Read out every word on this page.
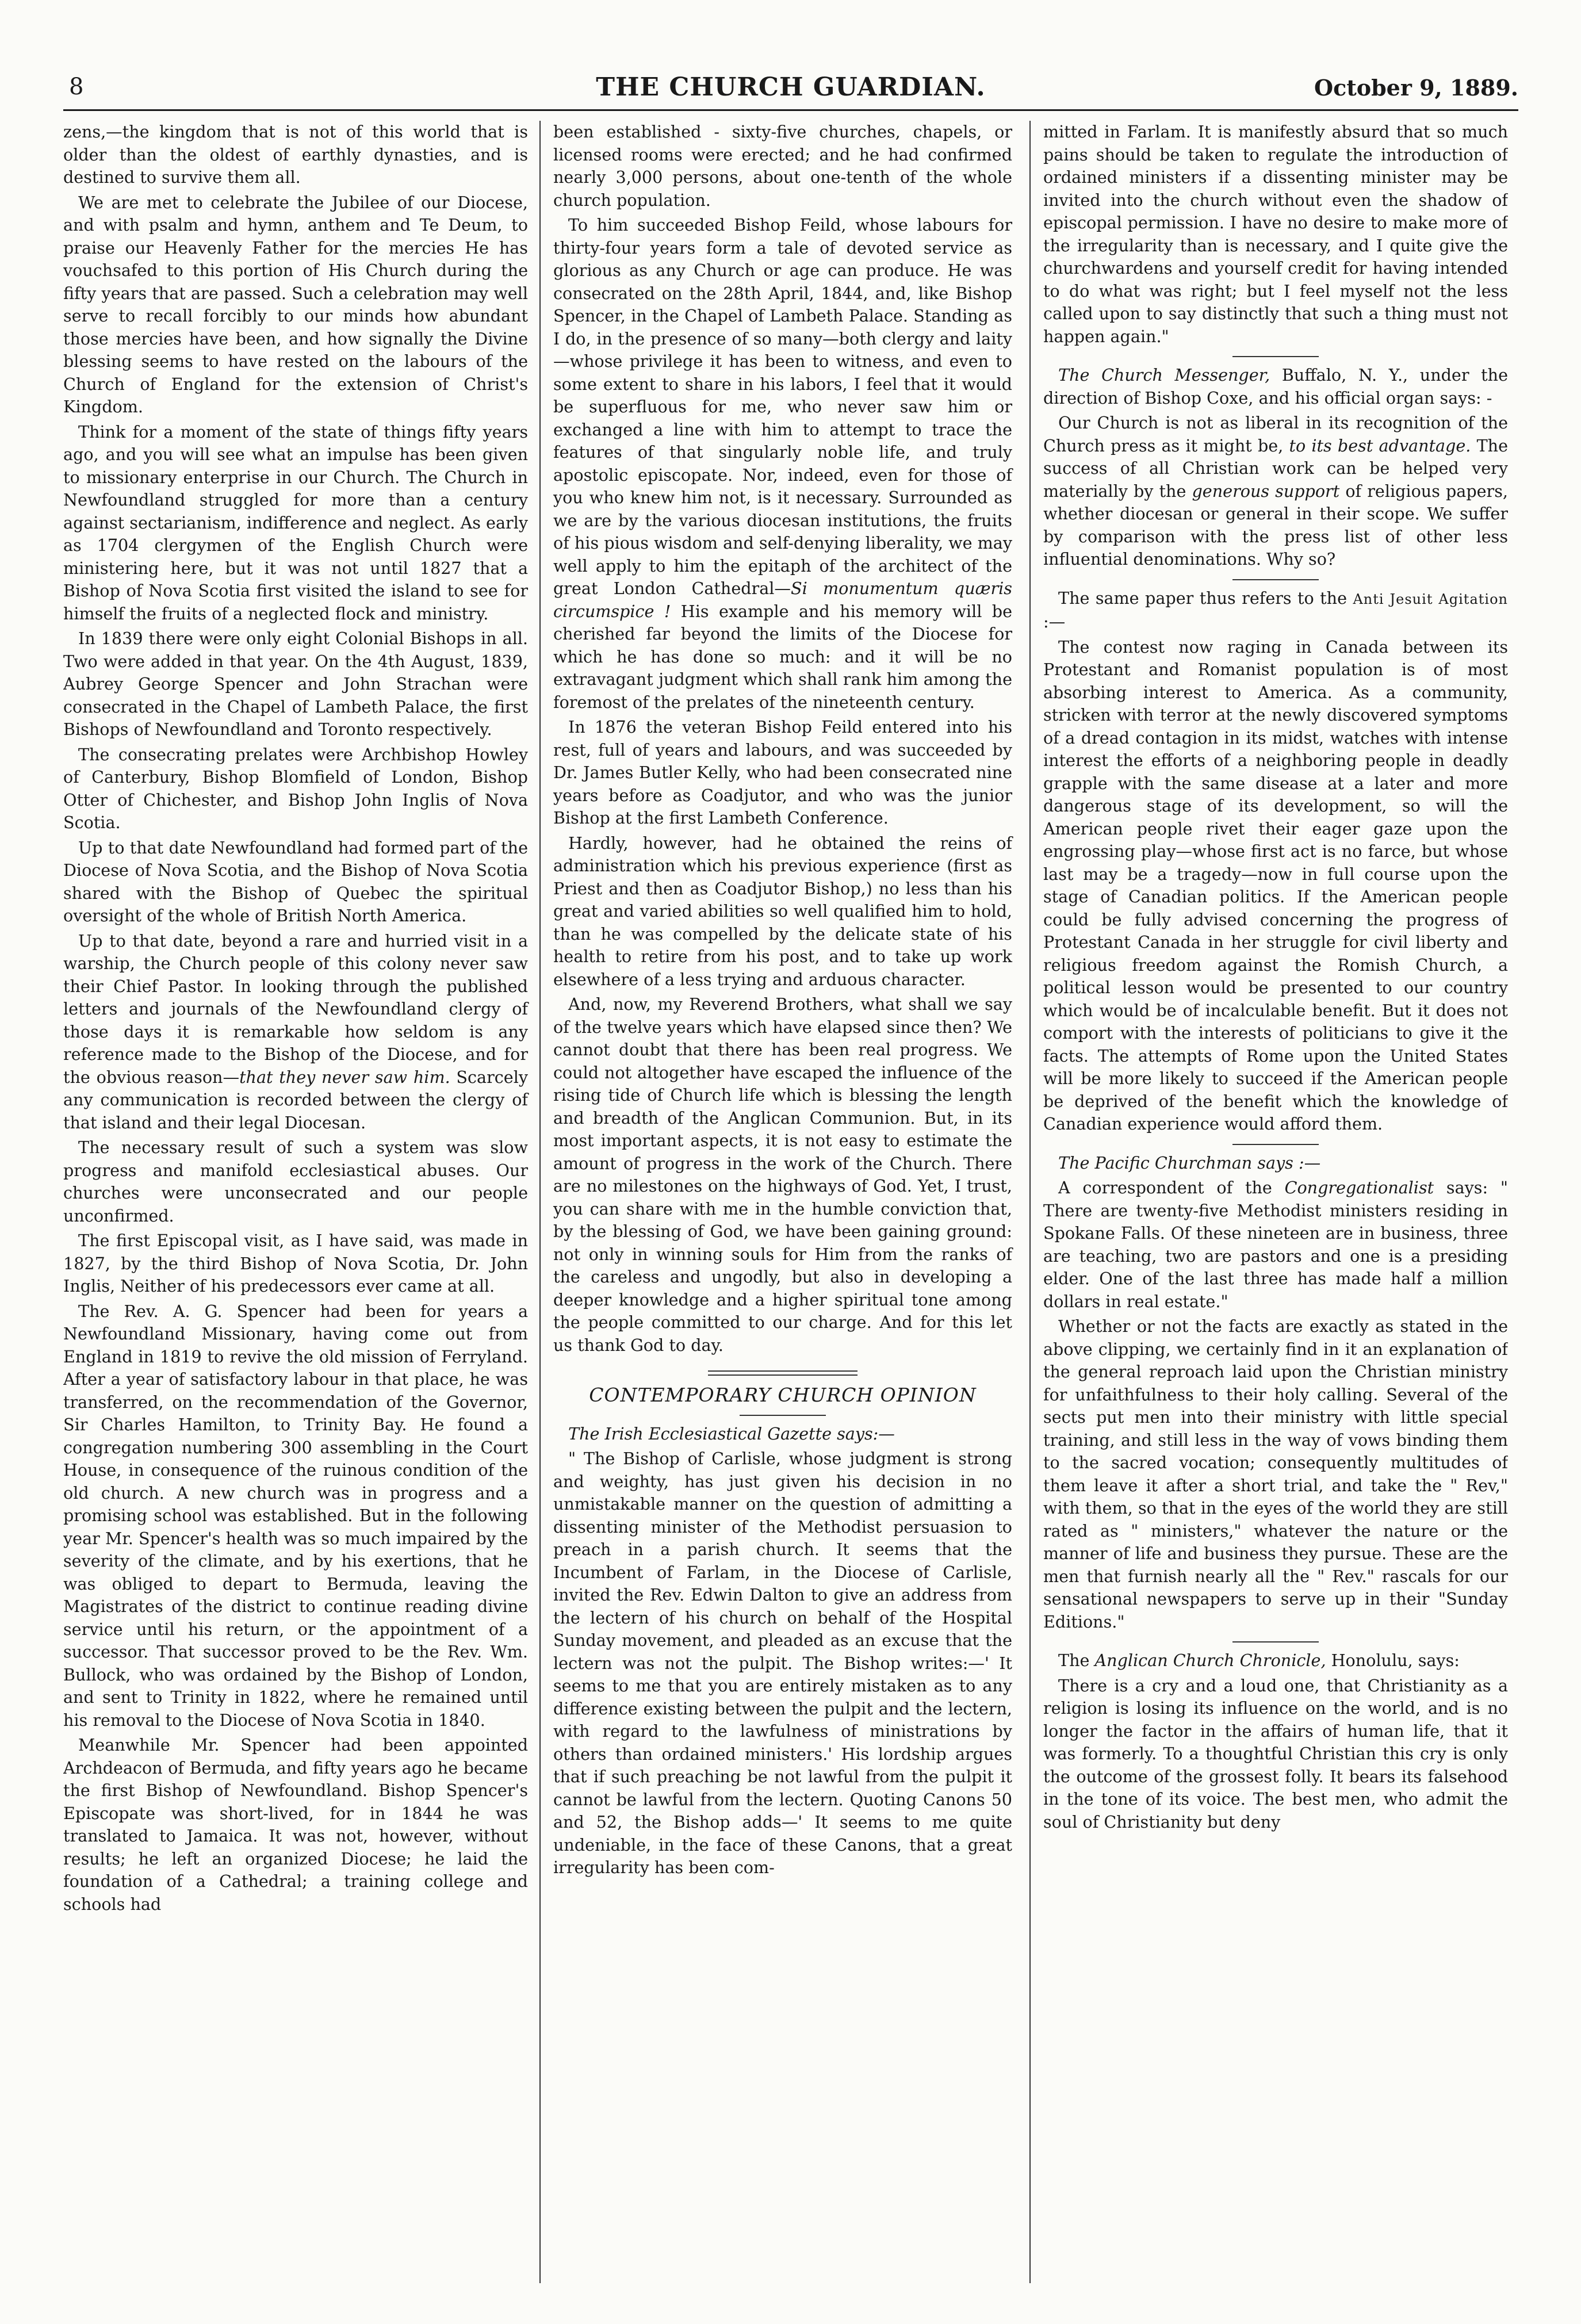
8	THE CHURCH GUARDIAN.	October 9, 1889.

zens,—the kingdom that is not of this world that is older than the oldest of earthly dynasties, and is destined to survive them all.

We are met to celebrate the Jubilee of our Diocese, and with psalm and hymn, anthem and Te Deum, to praise our Heavenly Father for the mercies He has vouchsafed to this portion of His Church during the fifty years that are passed. Such a celebration may well serve to recall forcibly to our minds how abundant those mercies have been, and how signally the Divine blessing seems to have rested on the labours of the Church of England for the extension of Christ's Kingdom.

Think for a moment of the state of things fifty years ago, and you will see what an impulse has been given to missionary enterprise in our Church. The Church in Newfoundland struggled for more than a century against sectarianism, indifference and neglect. As early as 1704 clergymen of the English Church were ministering here, but it was not until 1827 that a Bishop of Nova Scotia first visited the island to see for himself the fruits of a neglected flock and ministry.

In 1839 there were only eight Colonial Bishops in all. Two were added in that year. On the 4th August, 1839, Aubrey George Spencer and John Strachan were consecrated in the Chapel of Lambeth Palace, the first Bishops of Newfoundland and Toronto respectively.

The consecrating prelates were Archbishop Howley of Canterbury, Bishop Blomfield of London, Bishop Otter of Chichester, and Bishop John Inglis of Nova Scotia.

Up to that date Newfoundland had formed part of the Diocese of Nova Scotia, and the Bishop of Nova Scotia shared with the Bishop of Quebec the spiritual oversight of the whole of British North America.

Up to that date, beyond a rare and hurried visit in a warship, the Church people of this colony never saw their Chief Pastor. In looking through the published letters and journals of the Newfoundland clergy of those days it is remarkable how seldom is any reference made to the Bishop of the Diocese, and for the obvious reason—that they never saw him. Scarcely any communication is recorded between the clergy of that island and their legal Diocesan.

The necessary result of such a system was slow progress and manifold ecclesiastical abuses. Our churches were unconsecrated and our people unconfirmed.

The first Episcopal visit, as I have said, was made in 1827, by the third Bishop of Nova Scotia, Dr. John Inglis, Neither of his predecessors ever came at all.

The Rev. A. G. Spencer had been for years a Newfoundland Missionary, having come out from England in 1819 to revive the old mission of Ferryland. After a year of satisfactory labour in that place, he was transferred, on the recommendation of the Governor, Sir Charles Hamilton, to Trinity Bay. He found a congregation numbering 300 assembling in the Court House, in consequence of the ruinous condition of the old church. A new church was in progress and a promising school was established. But in the following year Mr. Spencer's health was so much impaired by the severity of the climate, and by his exertions, that he was obliged to depart to Bermuda, leaving the Magistrates of the district to continue reading divine service until his return, or the appointment of a successor. That successor proved to be the Rev. Wm. Bullock, who was ordained by the Bishop of London, and sent to Trinity in 1822, where he remained until his removal to the Diocese of Nova Scotia in 1840.

Meanwhile Mr. Spencer had been appointed Archdeacon of Bermuda, and fifty years ago he became the first Bishop of Newfoundland. Bishop Spencer's Episcopate was short-lived, for in 1844 he was translated to Jamaica. It was not, however, without results; he left an organized Diocese; he laid the foundation of a Cathedral; a training college and schools had

been established - sixty-five churches, chapels, or licensed rooms were erected; and he had confirmed nearly 3,000 persons, about one-tenth of the whole church population.

To him succeeded Bishop Feild, whose labours for thirty-four years form a tale of devoted service as glorious as any Church or age can produce. He was consecrated on the 28th April, 1844, and, like Bishop Spencer, in the Chapel of Lambeth Palace. Standing as I do, in the presence of so many—both clergy and laity—whose privilege it has been to witness, and even to some extent to share in his labors, I feel that it would be superfluous for me, who never saw him or exchanged a line with him to attempt to trace the features of that singularly noble life, and truly apostolic episcopate. Nor, indeed, even for those of you who knew him not, is it necessary. Surrounded as we are by the various diocesan institutions, the fruits of his pious wisdom and self-denying liberality, we may well apply to him the epitaph of the architect of the great London Cathedral—Si monumentum quæris circumspice ! His example and his memory will be cherished far beyond the limits of the Diocese for which he has done so much: and it will be no extravagant judgment which shall rank him among the foremost of the prelates of the nineteenth century.

In 1876 the veteran Bishop Feild entered into his rest, full of years and labours, and was succeeded by Dr. James Butler Kelly, who had been consecrated nine years before as Coadjutor, and who was the junior Bishop at the first Lambeth Conference.

Hardly, however, had he obtained the reins of administration which his previous experience (first as Priest and then as Coadjutor Bishop,) no less than his great and varied abilities so well qualified him to hold, than he was compelled by the delicate state of his health to retire from his post, and to take up work elsewhere of a less trying and arduous character.

And, now, my Reverend Brothers, what shall we say of the twelve years which have elapsed since then? We cannot doubt that there has been real progress. We could not altogether have escaped the influence of the rising tide of Church life which is blessing the length and breadth of the Anglican Communion. But, in its most important aspects, it is not easy to estimate the amount of progress in the work of the Church. There are no milestones on the highways of God. Yet, I trust, you can share with me in the humble conviction that, by the blessing of God, we have been gaining ground: not only in winning souls for Him from the ranks of the careless and ungodly, but also in developing a deeper knowledge and a higher spiritual tone among the people committed to our charge. And for this let us thank God to day.

CONTEMPORARY CHURCH OPINION

The Irish Ecclesiastical Gazette says:—

" The Bishop of Carlisle, whose judgment is strong and weighty, has just given his decision in no unmistakable manner on the question of admitting a dissenting minister of the Methodist persuasion to preach in a parish church. It seems that the Incumbent of Farlam, in the Diocese of Carlisle, invited the Rev. Edwin Dalton to give an address from the lectern of his church on behalf of the Hospital Sunday movement, and pleaded as an excuse that the lectern was not the pulpit. The Bishop writes:—' It seems to me that you are entirely mistaken as to any difference existing between the pulpit and the lectern, with regard to the lawfulness of ministrations by others than ordained ministers.' His lordship argues that if such preaching be not lawful from the pulpit it cannot be lawful from the lectern. Quoting Canons 50 and 52, the Bishop adds—' It seems to me quite undeniable, in the face of these Canons, that a great irregularity has been com-

mitted in Farlam. It is manifestly absurd that so much pains should be taken to regulate the introduction of ordained ministers if a dissenting minister may be invited into the church without even the shadow of episcopal permission. I have no desire to make more of the irregularity than is necessary, and I quite give the churchwardens and yourself credit for having intended to do what was right; but I feel myself not the less called upon to say distinctly that such a thing must not happen again."

The Church Messenger, Buffalo, N. Y., under the direction of Bishop Coxe, and his official organ says: -

Our Church is not as liberal in its recognition of the Church press as it might be, to its best advantage. The success of all Christian work can be helped very materially by the generous support of religious papers, whether diocesan or general in their scope. We suffer by comparison with the press list of other less influential denominations. Why so?

The same paper thus refers to the Anti Jesuit Agitation :—

The contest now raging in Canada between its Protestant and Romanist population is of most absorbing interest to America. As a community, stricken with terror at the newly discovered symptoms of a dread contagion in its midst, watches with intense interest the efforts of a neighboring people in deadly grapple with the same disease at a later and more dangerous stage of its development, so will the American people rivet their eager gaze upon the engrossing play—whose first act is no farce, but whose last may be a tragedy—now in full course upon the stage of Canadian politics. If the American people could be fully advised concerning the progress of Protestant Canada in her struggle for civil liberty and religious freedom against the Romish Church, a political lesson would be presented to our country which would be of incalculable benefit. But it does not comport with the interests of politicians to give it the facts. The attempts of Rome upon the United States will be more likely to succeed if the American people be deprived of the benefit which the knowledge of Canadian experience would afford them.

The Pacific Churchman says :—

A correspondent of the Congregationalist says: " There are twenty-five Methodist ministers residing in Spokane Falls. Of these nineteen are in business, three are teaching, two are pastors and one is a presiding elder. One of the last three has made half a million dollars in real estate."

Whether or not the facts are exactly as stated in the above clipping, we certainly find in it an explanation of the general reproach laid upon the Christian ministry for unfaithfulness to their holy calling. Several of the sects put men into their ministry with little special training, and still less in the way of vows binding them to the sacred vocation; consequently multitudes of them leave it after a short trial, and take the " Rev," with them, so that in the eyes of the world they are still rated as " ministers," whatever the nature or the manner of life and business they pursue. These are the men that furnish nearly all the " Rev." rascals for our sensational newspapers to serve up in their "Sunday Editions."

The Anglican Church Chronicle, Honolulu, says:

There is a cry and a loud one, that Christianity as a religion is losing its influence on the world, and is no longer the factor in the affairs of human life, that it was formerly. To a thoughtful Christian this cry is only the outcome of the grossest folly. It bears its falsehood in the tone of its voice. The best men, who admit the soul of Christianity but deny
